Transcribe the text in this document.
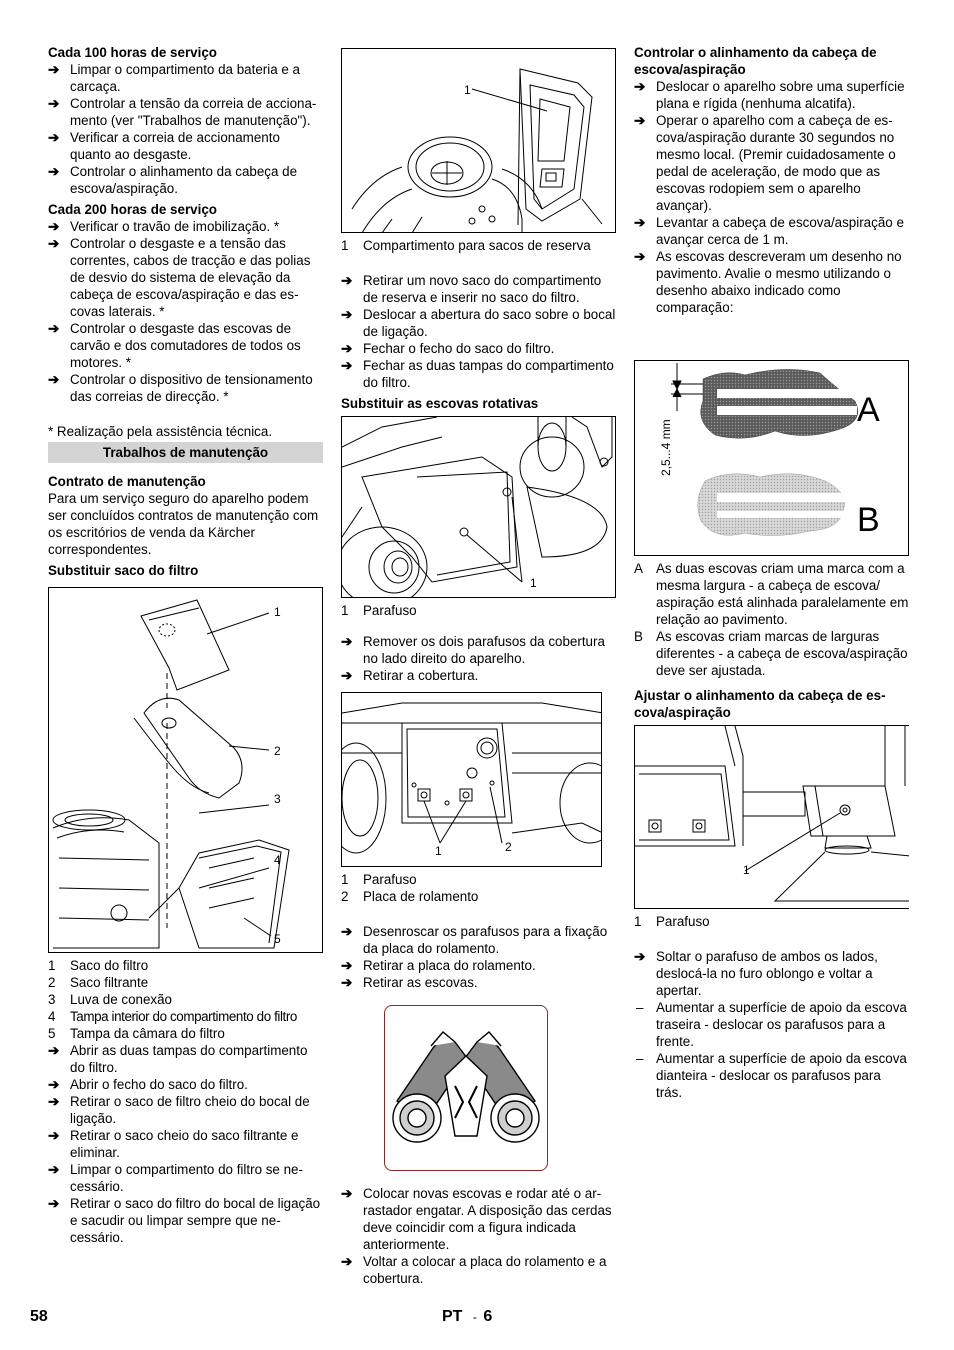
Cada 100 horas de serviço
➔ Limpar o compartimento da bateria e a carcaça.
➔ Controlar a tensão da correia de accionamento (ver "Trabalhos de manutenção").
➔ Verificar a correia de accionamento quanto ao desgaste.
➔ Controlar o alinhamento da cabeça de escova/aspiração.
Cada 200 horas de serviço
➔ Verificar o travão de imobilização. *
➔ Controlar o desgaste e a tensão das correntes, cabos de tracção e das polias de desvio do sistema de elevação da cabeça de escova/aspiração e das escovas laterais. *
➔ Controlar o desgaste das escovas de carvão e dos comutadores de todos os motores. *
➔ Controlar o dispositivo de tensionamento das correias de direcção. *

* Realização pela assistência técnica.

Trabalhos de manutenção
Contrato de manutenção

Para um serviço seguro do aparelho podem ser concluídos contratos de manutenção com os escritórios de venda da Kärcher correspondentes.

Substituir saco do filtro
1
2
3
4
5
1 Saco do filtro
2 Saco filtrante
3 Luva de conexão
4 Tampa interior do compartimento do filtro
5 Tampa da câmara do filtro
➔ Abrir as duas tampas do compartimento do filtro.
➔ Abrir o fecho do saco do filtro.
➔ Retirar o saco de filtro cheio do bocal de ligação.
➔ Retirar o saco cheio do saco filtrante e eliminar.
➔ Limpar o compartimento do filtro se necessário.
➔ Retirar o saco do filtro do bocal de ligação e sacudir ou limpar sempre que necessário.
1
1 Compartimento para sacos de reserva
➔ Retirar um novo saco do compartimento de reserva e inserir no saco do filtro.
➔ Deslocar a abertura do saco sobre o bocal de ligação.
➔ Fechar o fecho do saco do filtro.
➔ Fechar as duas tampas do compartimento do filtro.
Substituir as escovas rotativas
1
1 Parafuso
➔ Remover os dois parafusos da cobertura no lado direito do aparelho.
➔ Retirar a cobertura.
1	2
1 Parafuso
2 Placa de rolamento
➔ Desenroscar os parafusos para a fixação da placa do rolamento.
➔ Retirar a placa do rolamento.
➔ Retirar as escovas.
➔ Colocar novas escovas e rodar até o arrastador engatar. A disposição das cerdas deve coincidir com a figura indicada anteriormente.
➔ Voltar a colocar a placa do rolamento e a cobertura.
Controlar o alinhamento da cabeça de escova/aspiração
➔ Deslocar o aparelho sobre uma superfície plana e rígida (nenhuma alcatifa).
➔ Operar o aparelho com a cabeça de escova/aspiração durante 30 segundos no mesmo local. (Premir cuidadosamente o pedal de aceleração, de modo que as escovas rodopiem sem o aparelho avançar).
➔ Levantar a cabeça de escova/aspiração e avançar cerca de 1 m.
➔ As escovas descreveram um desenho no pavimento. Avalie o mesmo utilizando o desenho abaixo indicado como comparação:
2,5...4 mm
A
B
A As duas escovas criam uma marca com a mesma largura - a cabeça de escova/ aspiração está alinhada paralelamente em relação ao pavimento.
B As escovas criam marcas de larguras diferentes - a cabeça de escova/aspiração deve ser ajustada.
Ajustar o alinhamento da cabeça de escova/aspiração
1
1 Parafuso
➔ Soltar o parafuso de ambos os lados, deslocá-la no furo oblongo e voltar a apertar.
– Aumentar a superfície de apoio da escova traseira - deslocar os parafusos para a frente.
– Aumentar a superfície de apoio da escova dianteira - deslocar os parafusos para trás.
58	PT - 6
